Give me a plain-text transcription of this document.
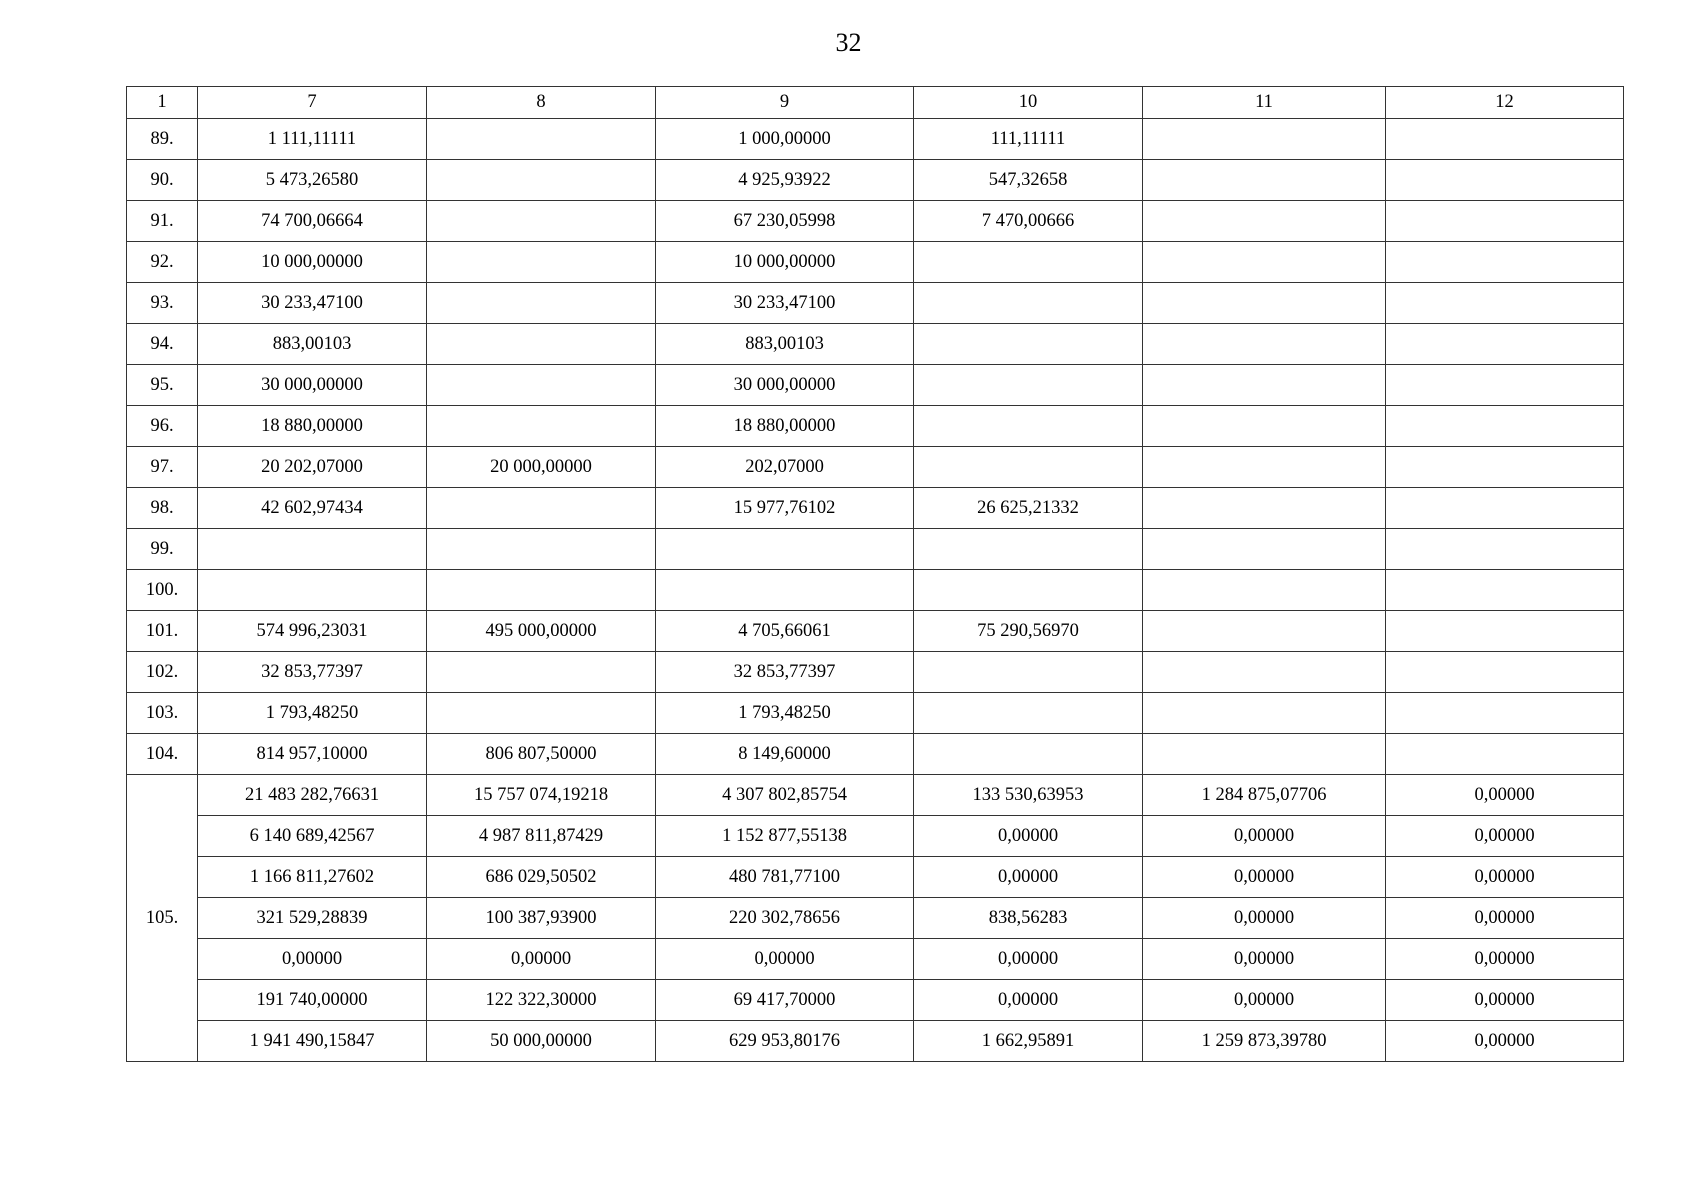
32
1	7	8	9	10	11	12
89.	1 111,11111		1 000,00000	111,11111		
90.	5 473,26580		4 925,93922	547,32658		
91.	74 700,06664		67 230,05998	7 470,00666		
92.	10 000,00000		10 000,00000			
93.	30 233,47100		30 233,47100			
94.	883,00103		883,00103			
95.	30 000,00000		30 000,00000			
96.	18 880,00000		18 880,00000			
97.	20 202,07000	20 000,00000	202,07000			
98.	42 602,97434		15 977,76102	26 625,21332		
99.						
100.						
101.	574 996,23031	495 000,00000	4 705,66061	75 290,56970		
102.	32 853,77397		32 853,77397			
103.	1 793,48250		1 793,48250			
104.	814 957,10000	806 807,50000	8 149,60000			
105.	21 483 282,76631	15 757 074,19218	4 307 802,85754	133 530,63953	1 284 875,07706	0,00000
	6 140 689,42567	4 987 811,87429	1 152 877,55138	0,00000	0,00000	0,00000
	1 166 811,27602	686 029,50502	480 781,77100	0,00000	0,00000	0,00000
	321 529,28839	100 387,93900	220 302,78656	838,56283	0,00000	0,00000
	0,00000	0,00000	0,00000	0,00000	0,00000	0,00000
	191 740,00000	122 322,30000	69 417,70000	0,00000	0,00000	0,00000
	1 941 490,15847	50 000,00000	629 953,80176	1 662,95891	1 259 873,39780	0,00000
